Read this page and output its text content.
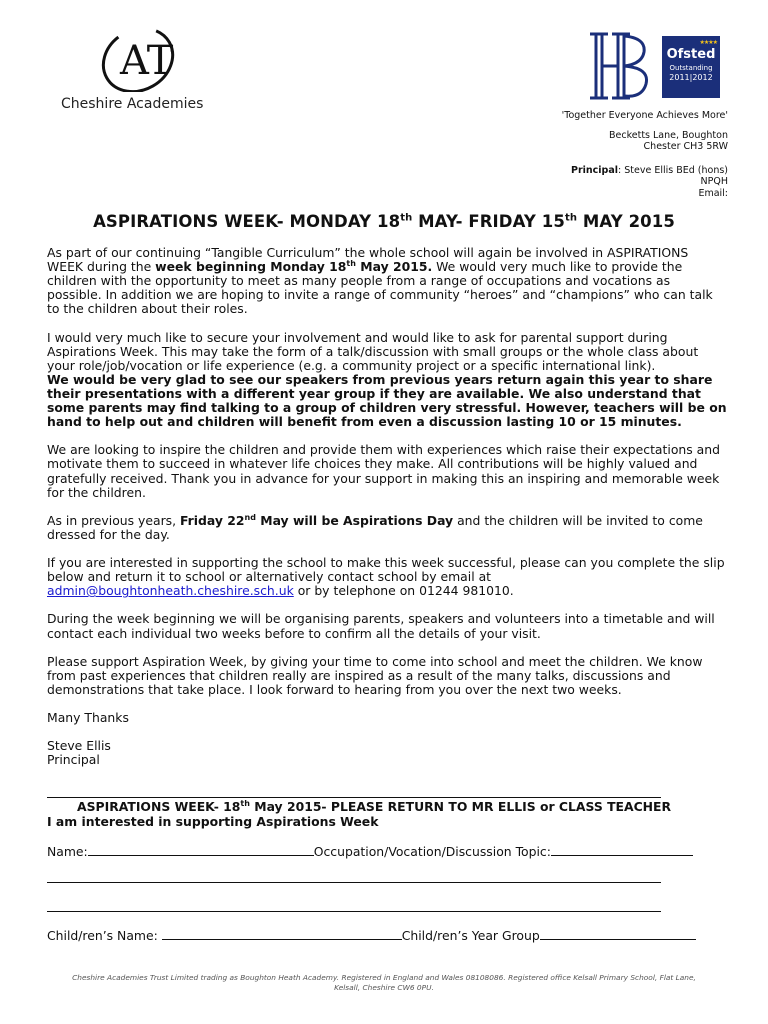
AT
Cheshire Academies
HB
★★★★
Ofsted
Outstanding
2011|2012

'Together Everyone Achieves More'

Becketts Lane, Boughton

Chester CH3 5RW

Principal: Steve Ellis BEd (hons)

NPQH

Email:

ASPIRATIONS WEEK- MONDAY 18th MAY- FRIDAY 15th MAY 2015

As part of our continuing “Tangible Curriculum” the whole school will again be involved in ASPIRATIONS WEEK during the week beginning Monday 18th May 2015. We would very much like to provide the children with the opportunity to meet as many people from a range of occupations and vocations as possible. In addition we are hoping to invite a range of community “heroes” and “champions” who can talk to the children about their roles.

I would very much like to secure your involvement and would like to ask for parental support during Aspirations Week. This may take the form of a talk/discussion with small groups or the whole class about your role/job/vocation or life experience (e.g. a community project or a specific international link).
We would be very glad to see our speakers from previous years return again this year to share their presentations with a different year group if they are available. We also understand that some parents may find talking to a group of children very stressful. However, teachers will be on hand to help out and children will benefit from even a discussion lasting 10 or 15 minutes.

We are looking to inspire the children and provide them with experiences which raise their expectations and motivate them to succeed in whatever life choices they make. All contributions will be highly valued and gratefully received. Thank you in advance for your support in making this an inspiring and memorable week for the children.

As in previous years, Friday 22nd May will be Aspirations Day and the children will be invited to come dressed for the day.

If you are interested in supporting the school to make this week successful, please can you complete the slip below and return it to school or alternatively contact school by email at admin@boughtonheath.cheshire.sch.uk or by telephone on 01244 981010.

During the week beginning we will be organising parents, speakers and volunteers into a timetable and will contact each individual two weeks before to confirm all the details of your visit.

Please support Aspiration Week, by giving your time to come into school and meet the children. We know from past experiences that children really are inspired as a result of the many talks, discussions and demonstrations that take place. I look forward to hearing from you over the next two weeks.

Many Thanks

Steve Ellis

Principal

ASPIRATIONS WEEK- 18th May 2015- PLEASE RETURN TO MR ELLIS or CLASS TEACHER
I am interested in supporting Aspirations Week
Name:	Occupation/Vocation/Discussion Topic:
Child/ren’s Name:	Child/ren’s Year Group
Cheshire Academies Trust Limited trading as Boughton Heath Academy. Registered in England and Wales 08108086. Registered office Kelsall Primary School, Flat Lane,
Kelsall, Cheshire CW6 0PU.
